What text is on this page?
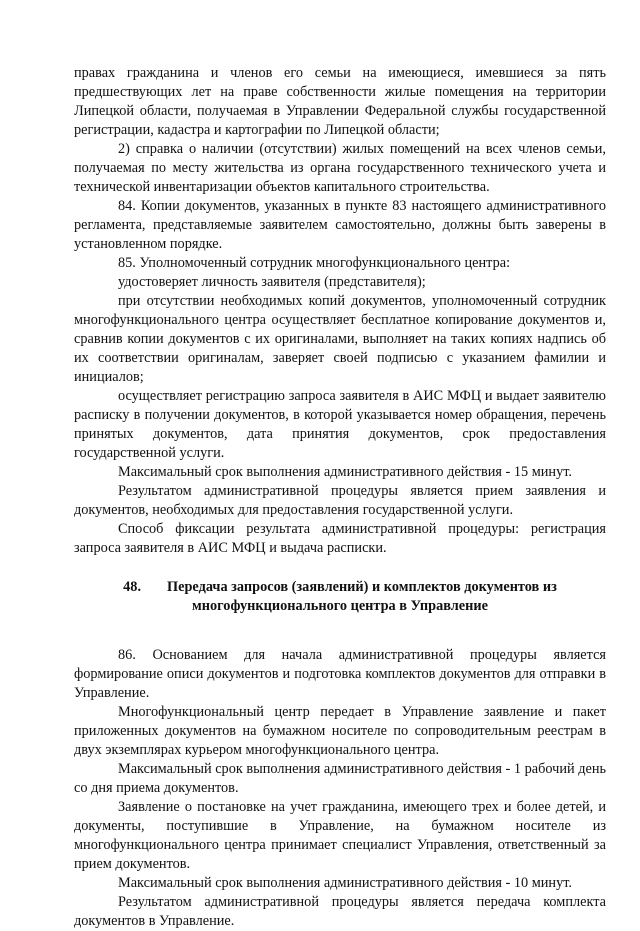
правах гражданина и членов его семьи на имеющиеся, имевшиеся за пять предшествующих лет на праве собственности жилые помещения на территории Липецкой области, получаемая в Управлении Федеральной службы государственной регистрации, кадастра и картографии по Липецкой области;

2) справка о наличии (отсутствии) жилых помещений на всех членов семьи, получаемая по месту жительства из органа государственного технического учета и технической инвентаризации объектов капитального строительства.

84. Копии документов, указанных в пункте 83 настоящего административного регламента, представляемые заявителем самостоятельно, должны быть заверены в установленном порядке.

85. Уполномоченный сотрудник многофункционального центра:

удостоверяет личность заявителя (представителя);

при отсутствии необходимых копий документов, уполномоченный сотрудник многофункционального центра осуществляет бесплатное копирование документов и, сравнив копии документов с их оригиналами, выполняет на таких копиях надпись об их соответствии оригиналам, заверяет своей подписью с указанием фамилии и инициалов;

осуществляет регистрацию запроса заявителя в АИС МФЦ и выдает заявителю расписку в получении документов, в которой указывается номер обращения, перечень принятых документов, дата принятия документов, срок предоставления государственной услуги.

Максимальный срок выполнения административного действия - 15 минут.

Результатом административной процедуры является прием заявления и документов, необходимых для предоставления государственной услуги.

Способ фиксации результата административной процедуры: регистрация запроса заявителя в АИС МФЦ и выдача расписки.

48. Передача запросов (заявлений) и комплектов документов из
многофункционального центра в Управление

86. Основанием для начала административной процедуры является формирование описи документов и подготовка комплектов документов для отправки в Управление.

Многофункциональный центр передает в Управление заявление и пакет приложенных документов на бумажном носителе по сопроводительным реестрам в двух экземплярах курьером многофункционального центра.

Максимальный срок выполнения административного действия - 1 рабочий день со дня приема документов.

Заявление о постановке на учет гражданина, имеющего трех и более детей, и документы, поступившие в Управление, на бумажном носителе из многофункционального центра принимает специалист Управления, ответственный за прием документов.

Максимальный срок выполнения административного действия - 10 минут.

Результатом административной процедуры является передача комплекта документов в Управление.
